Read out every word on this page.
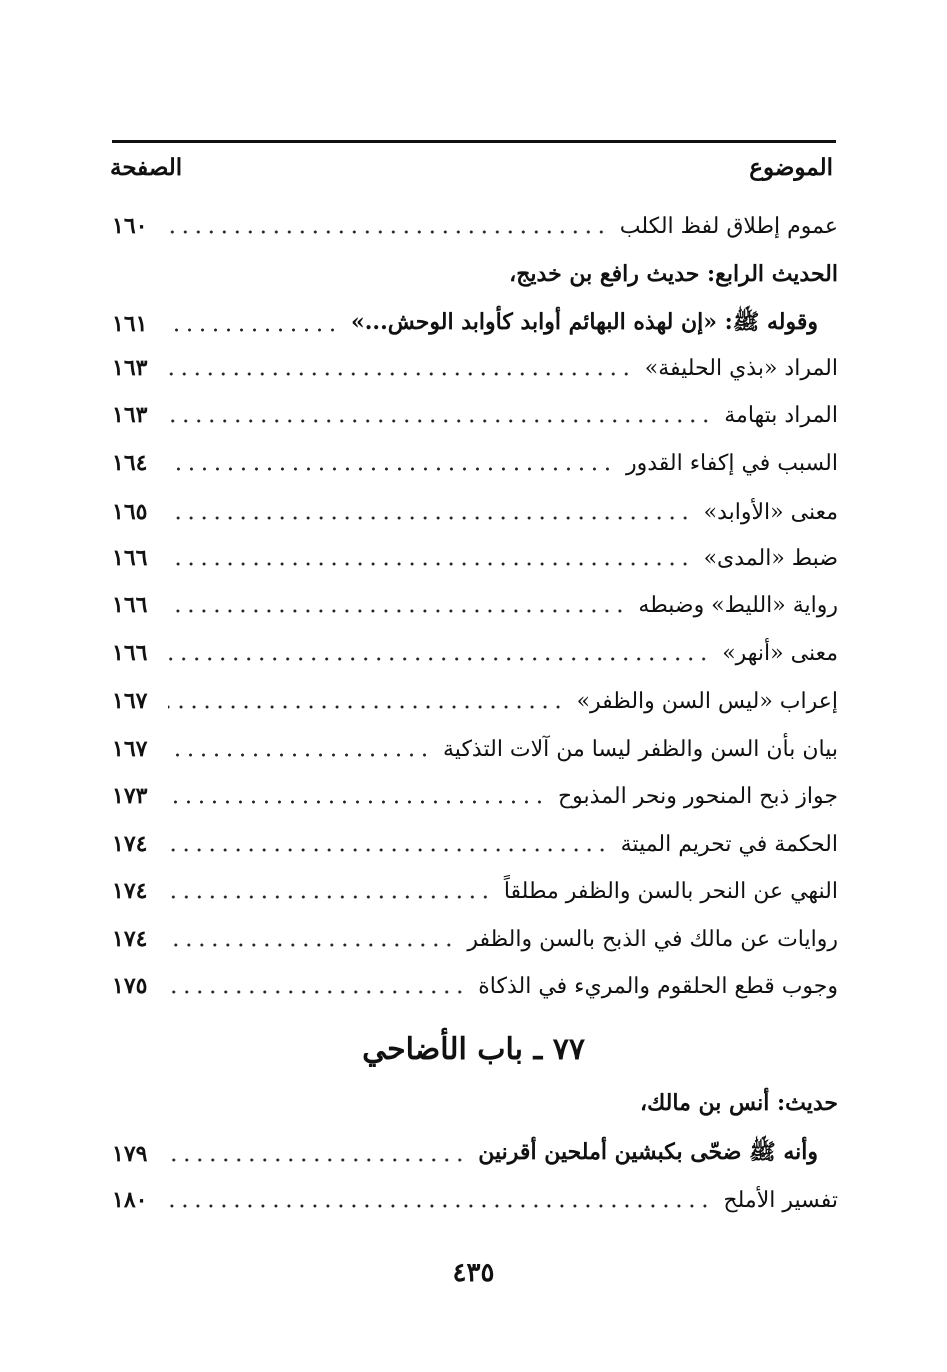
الموضوع
الصفحة
عموم إطلاق لفظ الكلب
١٦٠
الحديث الرابع: حديث رافع بن خديج،
وقوله ﷺ: «إن لهذه البهائم أوابد كأوابد الوحش...»
١٦١
المراد «بذي الحليفة»
١٦٣
المراد بتهامة
١٦٣
السبب في إكفاء القدور
١٦٤
معنى «الأوابد»
١٦٥
ضبط «المدى»
١٦٦
رواية «الليط» وضبطه
١٦٦
معنى «أنهر»
١٦٦
إعراب «ليس السن والظفر»
١٦٧
بيان بأن السن والظفر ليسا من آلات التذكية
١٦٧
جواز ذبح المنحور ونحر المذبوح
١٧٣
الحكمة في تحريم الميتة
١٧٤
النهي عن النحر بالسن والظفر مطلقاً
١٧٤
روايات عن مالك في الذبح بالسن والظفر
١٧٤
وجوب قطع الحلقوم والمريء في الذكاة
١٧٥
٧٧ ـ باب الأضاحي
حديث: أنس بن مالك،
وأنه ﷺ ضحّى بكبشين أملحين أقرنين
١٧٩
تفسير الأملح
١٨٠
٤٣٥
